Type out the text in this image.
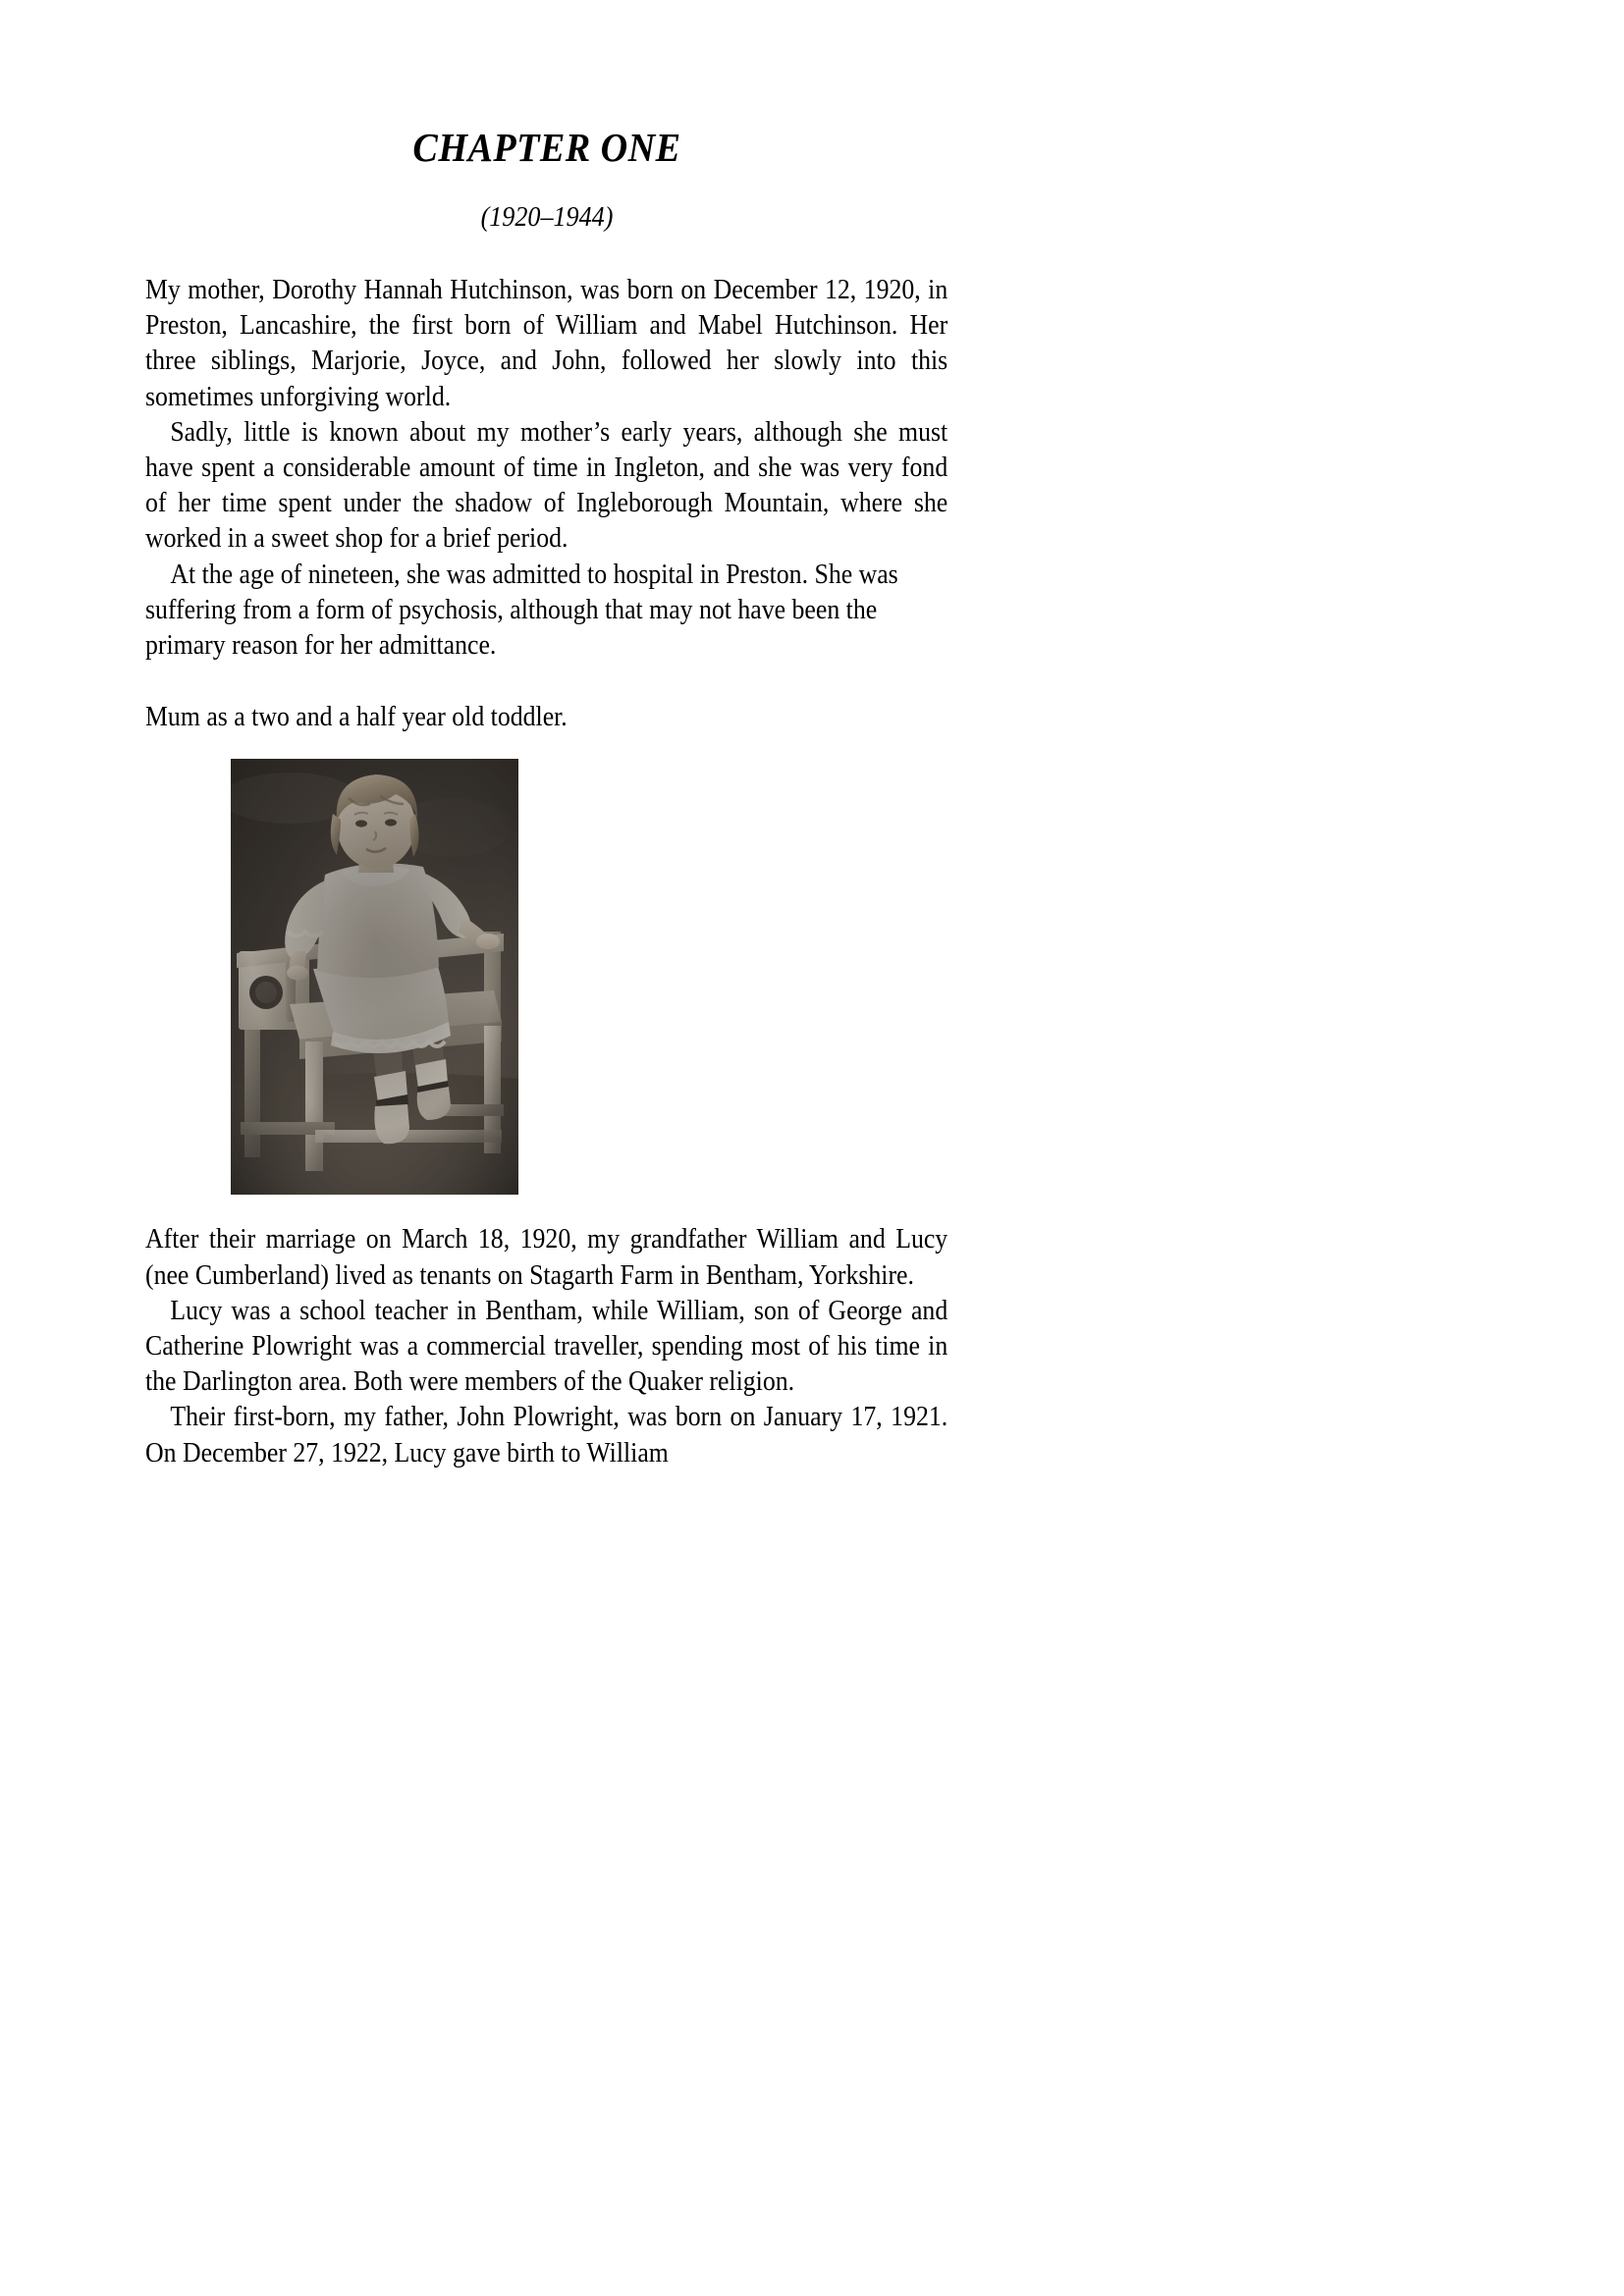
CHAPTER ONE
(1920–1944)

My mother, Dorothy Hannah Hutchinson, was born on December 12, 1920, in Preston, Lancashire, the first born of William and Mabel Hutchinson. Her three siblings, Marjorie, Joyce, and John, followed her slowly into this sometimes unforgiving world.

Sadly, little is known about my mother’s early years, although she must have spent a considerable amount of time in Ingleton, and she was very fond of her time spent under the shadow of Ingleborough Mountain, where she worked in a sweet shop for a brief period.

At the age of nineteen, she was admitted to hospital in Preston. She was suffering from a form of psychosis, although that may not have been the primary reason for her admittance.

Mum as a two and a half year old toddler.

After their marriage on March 18, 1920, my grandfather William and Lucy (nee Cumberland) lived as tenants on Stagarth Farm in Bentham, Yorkshire.

Lucy was a school teacher in Bentham, while William, son of George and Catherine Plowright was a commercial traveller, spending most of his time in the Darlington area. Both were members of the Quaker religion.

Their first-born, my father, John Plowright, was born on January 17, 1921. On December 27, 1922, Lucy gave birth to William
